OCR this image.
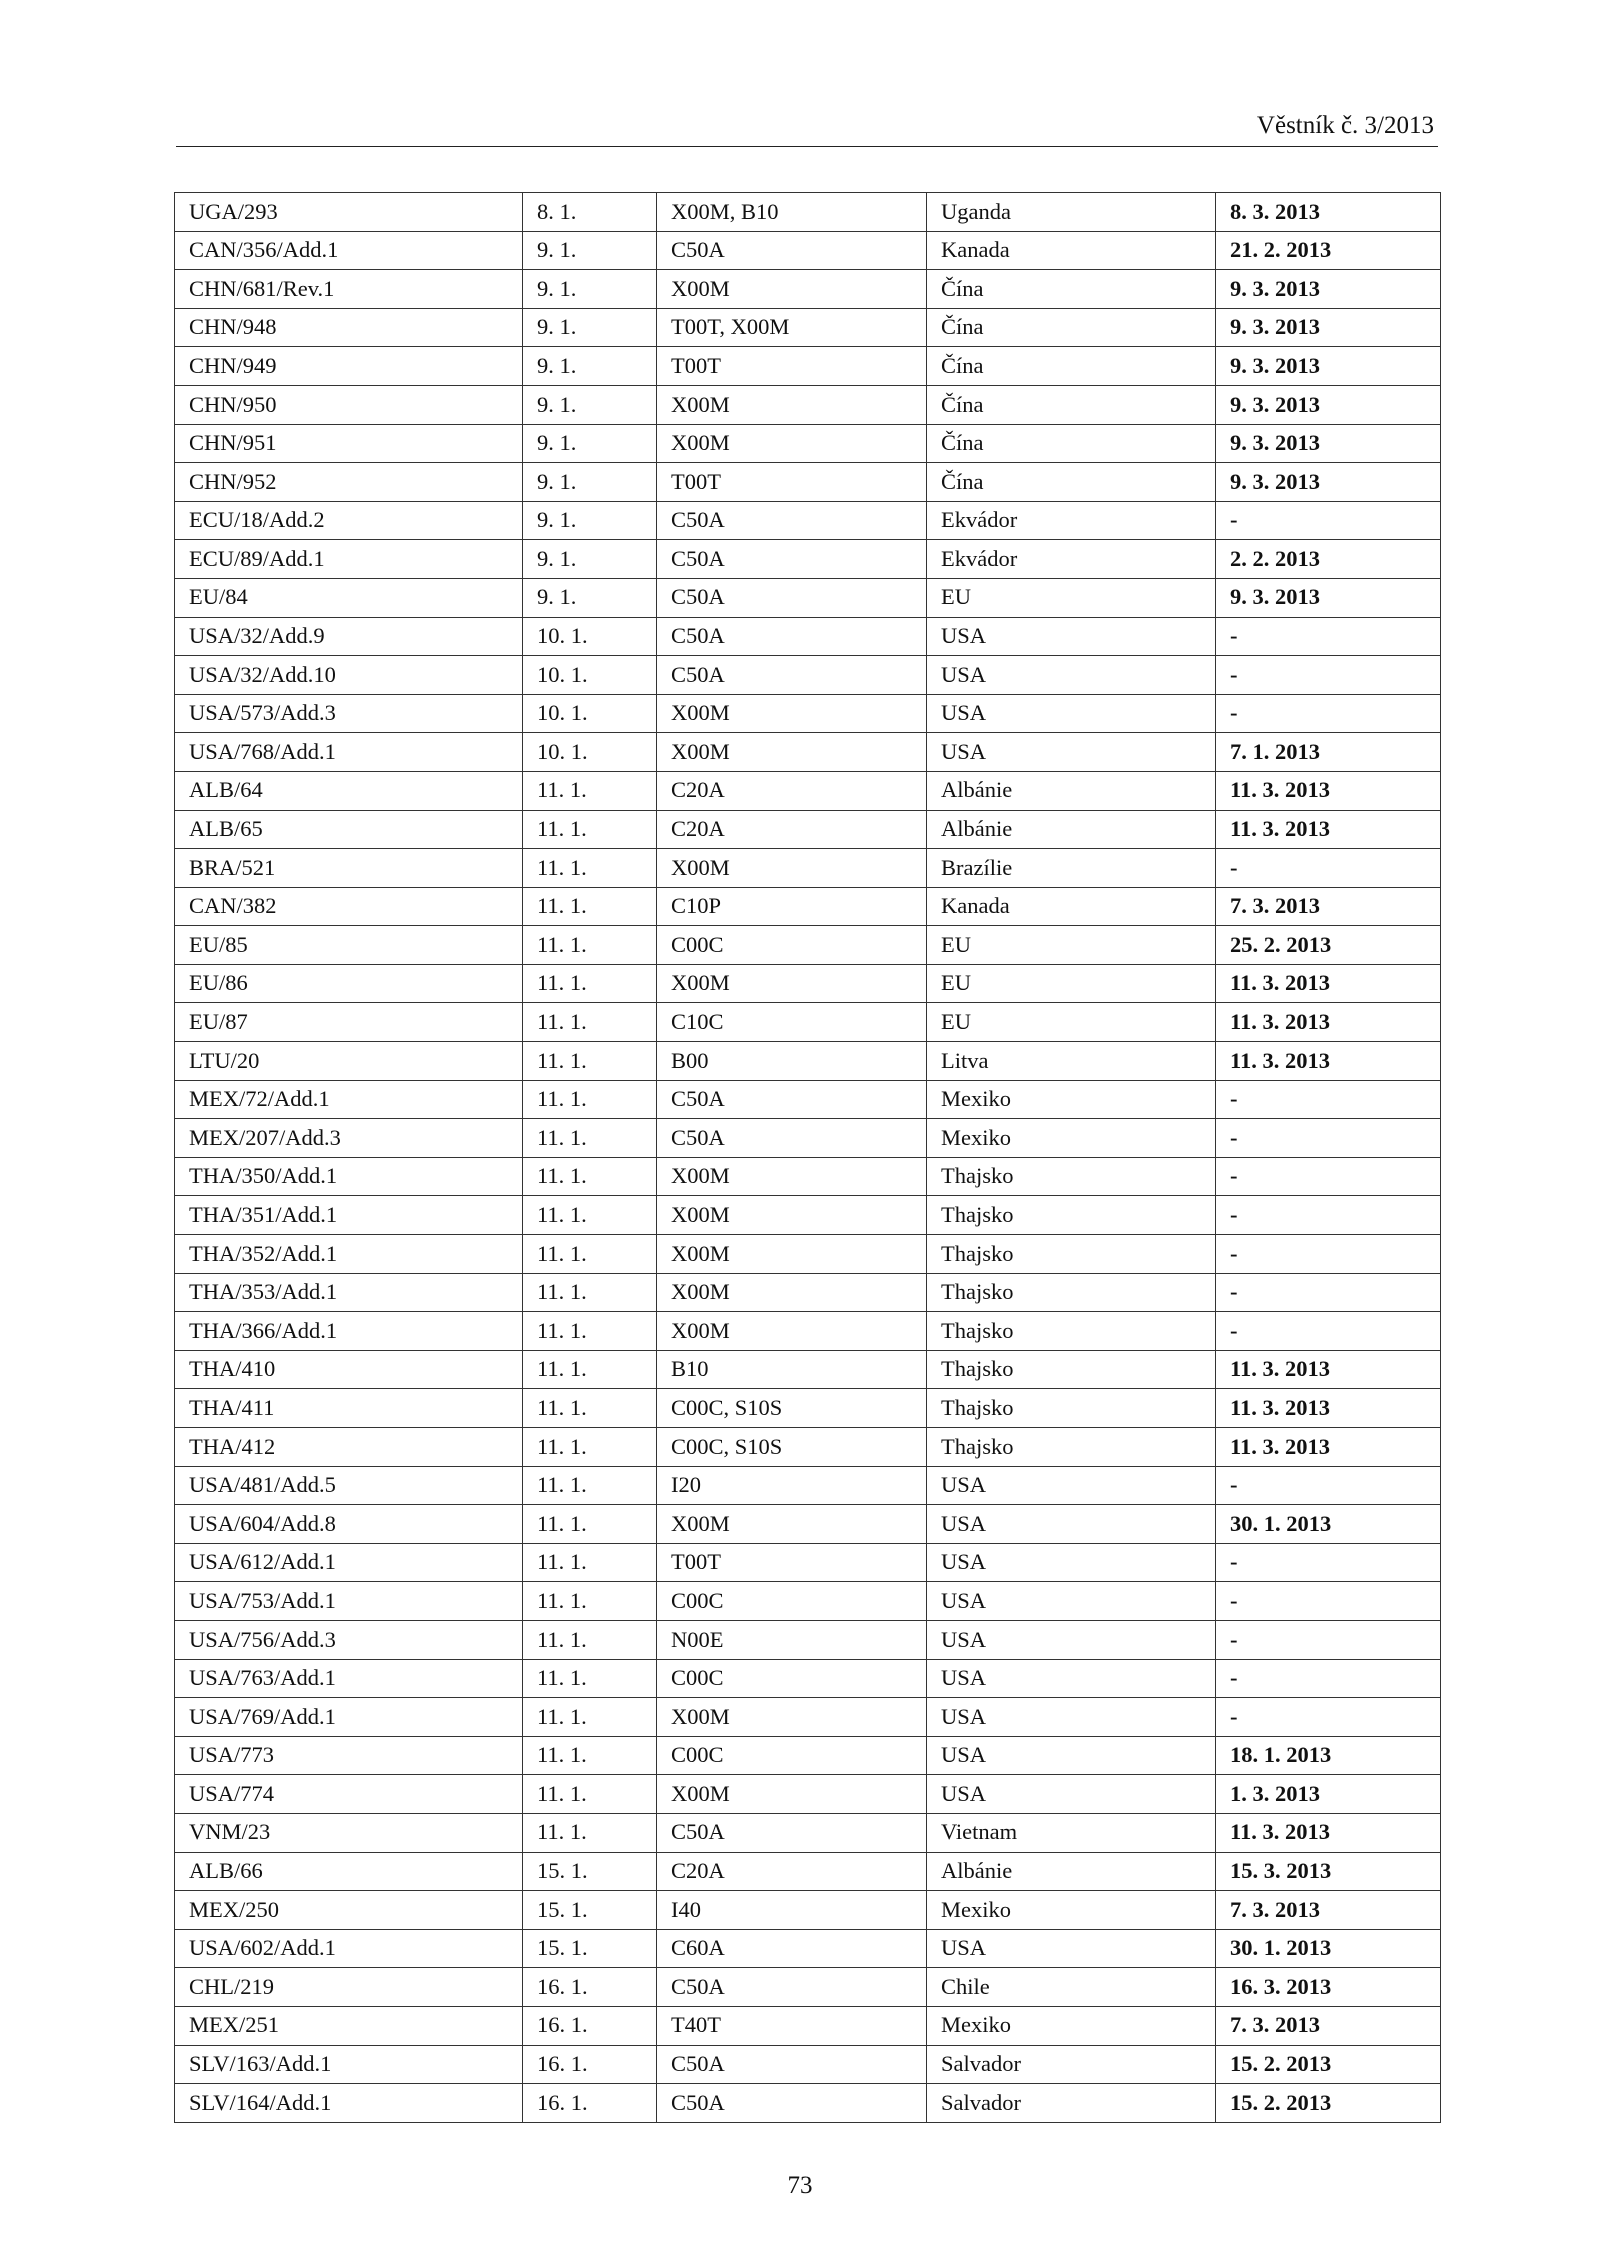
Věstník č. 3/2013
UGA/293	8. 1.	X00M, B10	Uganda	8. 3. 2013
CAN/356/Add.1	9. 1.	C50A	Kanada	21. 2. 2013
CHN/681/Rev.1	9. 1.	X00M	Čína	9. 3. 2013
CHN/948	9. 1.	T00T, X00M	Čína	9. 3. 2013
CHN/949	9. 1.	T00T	Čína	9. 3. 2013
CHN/950	9. 1.	X00M	Čína	9. 3. 2013
CHN/951	9. 1.	X00M	Čína	9. 3. 2013
CHN/952	9. 1.	T00T	Čína	9. 3. 2013
ECU/18/Add.2	9. 1.	C50A	Ekvádor	-
ECU/89/Add.1	9. 1.	C50A	Ekvádor	2. 2. 2013
EU/84	9. 1.	C50A	EU	9. 3. 2013
USA/32/Add.9	10. 1.	C50A	USA	-
USA/32/Add.10	10. 1.	C50A	USA	-
USA/573/Add.3	10. 1.	X00M	USA	-
USA/768/Add.1	10. 1.	X00M	USA	7. 1. 2013
ALB/64	11. 1.	C20A	Albánie	11. 3. 2013
ALB/65	11. 1.	C20A	Albánie	11. 3. 2013
BRA/521	11. 1.	X00M	Brazílie	-
CAN/382	11. 1.	C10P	Kanada	7. 3. 2013
EU/85	11. 1.	C00C	EU	25. 2. 2013
EU/86	11. 1.	X00M	EU	11. 3. 2013
EU/87	11. 1.	C10C	EU	11. 3. 2013
LTU/20	11. 1.	B00	Litva	11. 3. 2013
MEX/72/Add.1	11. 1.	C50A	Mexiko	-
MEX/207/Add.3	11. 1.	C50A	Mexiko	-
THA/350/Add.1	11. 1.	X00M	Thajsko	-
THA/351/Add.1	11. 1.	X00M	Thajsko	-
THA/352/Add.1	11. 1.	X00M	Thajsko	-
THA/353/Add.1	11. 1.	X00M	Thajsko	-
THA/366/Add.1	11. 1.	X00M	Thajsko	-
THA/410	11. 1.	B10	Thajsko	11. 3. 2013
THA/411	11. 1.	C00C, S10S	Thajsko	11. 3. 2013
THA/412	11. 1.	C00C, S10S	Thajsko	11. 3. 2013
USA/481/Add.5	11. 1.	I20	USA	-
USA/604/Add.8	11. 1.	X00M	USA	30. 1. 2013
USA/612/Add.1	11. 1.	T00T	USA	-
USA/753/Add.1	11. 1.	C00C	USA	-
USA/756/Add.3	11. 1.	N00E	USA	-
USA/763/Add.1	11. 1.	C00C	USA	-
USA/769/Add.1	11. 1.	X00M	USA	-
USA/773	11. 1.	C00C	USA	18. 1. 2013
USA/774	11. 1.	X00M	USA	1. 3. 2013
VNM/23	11. 1.	C50A	Vietnam	11. 3. 2013
ALB/66	15. 1.	C20A	Albánie	15. 3. 2013
MEX/250	15. 1.	I40	Mexiko	7. 3. 2013
USA/602/Add.1	15. 1.	C60A	USA	30. 1. 2013
CHL/219	16. 1.	C50A	Chile	16. 3. 2013
MEX/251	16. 1.	T40T	Mexiko	7. 3. 2013
SLV/163/Add.1	16. 1.	C50A	Salvador	15. 2. 2013
SLV/164/Add.1	16. 1.	C50A	Salvador	15. 2. 2013
73
